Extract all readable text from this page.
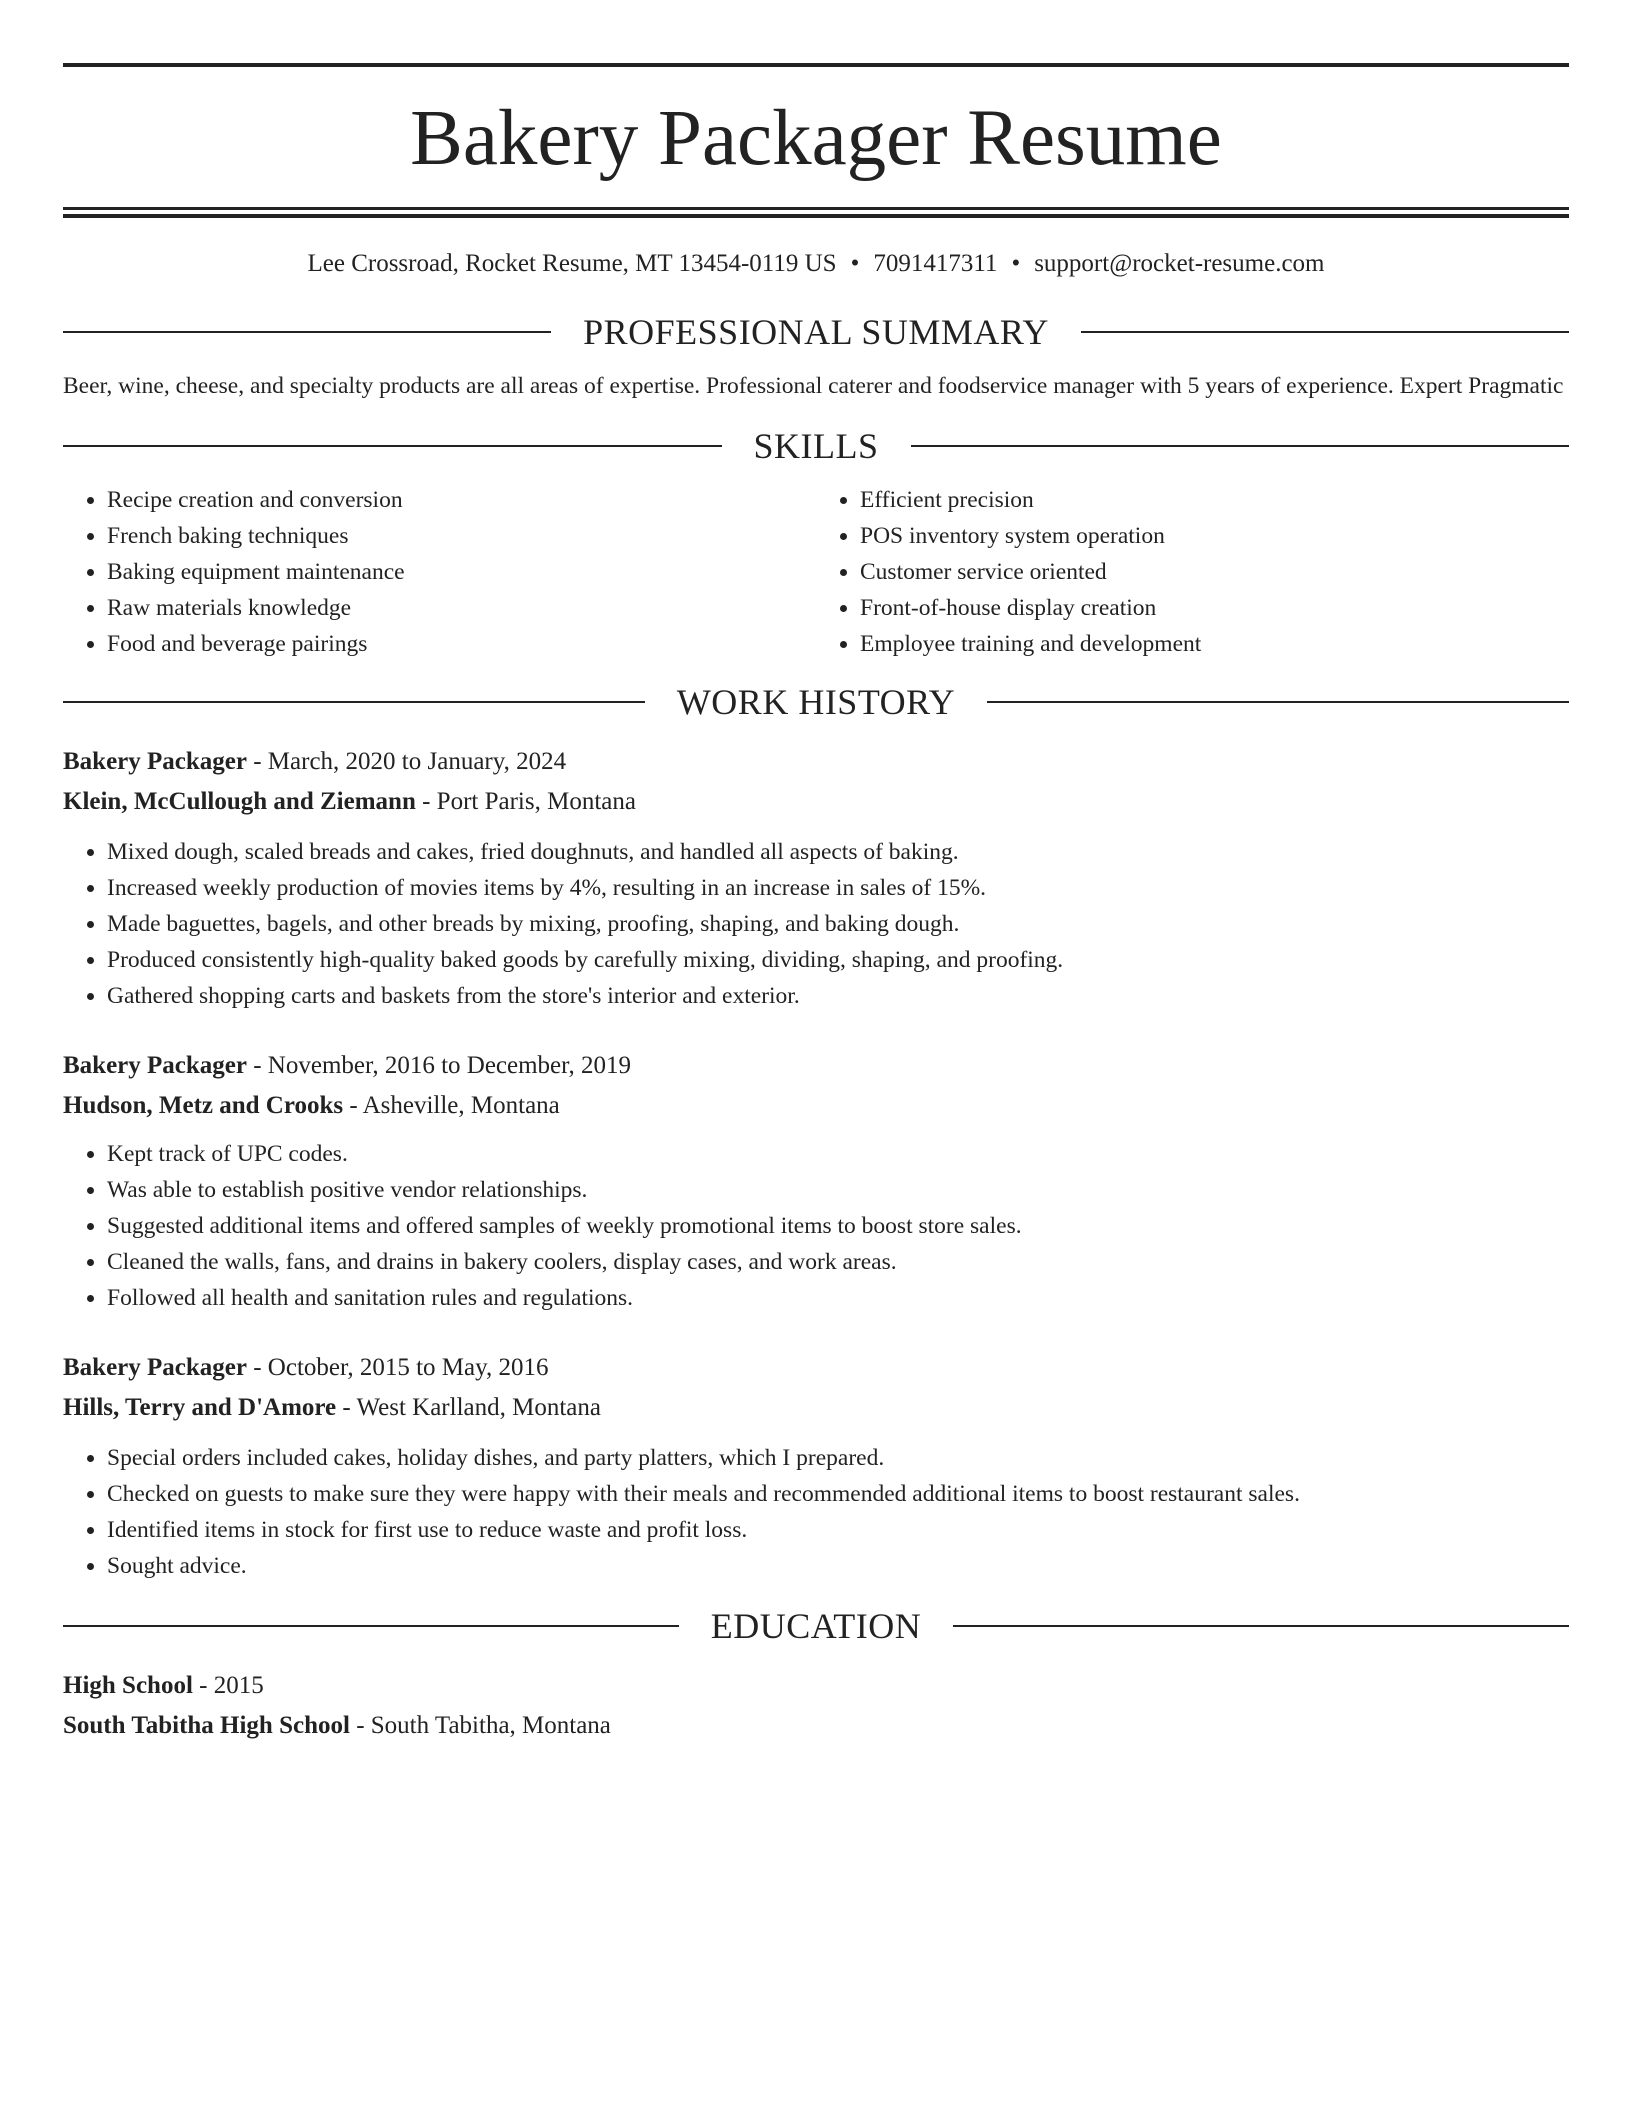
Bakery Packager Resume
Lee Crossroad, Rocket Resume, MT 13454-0119 US • 7091417311 • support@rocket-resume.com
PROFESSIONAL SUMMARY
Beer, wine, cheese, and specialty products are all areas of expertise. Professional caterer and foodservice manager with 5 years of experience. Expert Pragmatic
SKILLS
• Recipe creation and conversion
• French baking techniques
• Baking equipment maintenance
• Raw materials knowledge
• Food and beverage pairings
• Efficient precision
• POS inventory system operation
• Customer service oriented
• Front-of-house display creation
• Employee training and development
WORK HISTORY
Bakery Packager - March, 2020 to January, 2024
Klein, McCullough and Ziemann - Port Paris, Montana
• Mixed dough, scaled breads and cakes, fried doughnuts, and handled all aspects of baking.
• Increased weekly production of movies items by 4%, resulting in an increase in sales of 15%.
• Made baguettes, bagels, and other breads by mixing, proofing, shaping, and baking dough.
• Produced consistently high-quality baked goods by carefully mixing, dividing, shaping, and proofing.
• Gathered shopping carts and baskets from the store's interior and exterior.
Bakery Packager - November, 2016 to December, 2019
Hudson, Metz and Crooks - Asheville, Montana
• Kept track of UPC codes.
• Was able to establish positive vendor relationships.
• Suggested additional items and offered samples of weekly promotional items to boost store sales.
• Cleaned the walls, fans, and drains in bakery coolers, display cases, and work areas.
• Followed all health and sanitation rules and regulations.
Bakery Packager - October, 2015 to May, 2016
Hills, Terry and D'Amore - West Karlland, Montana
• Special orders included cakes, holiday dishes, and party platters, which I prepared.
• Checked on guests to make sure they were happy with their meals and recommended additional items to boost restaurant sales.
• Identified items in stock for first use to reduce waste and profit loss.
• Sought advice.
EDUCATION
High School - 2015
South Tabitha High School - South Tabitha, Montana
